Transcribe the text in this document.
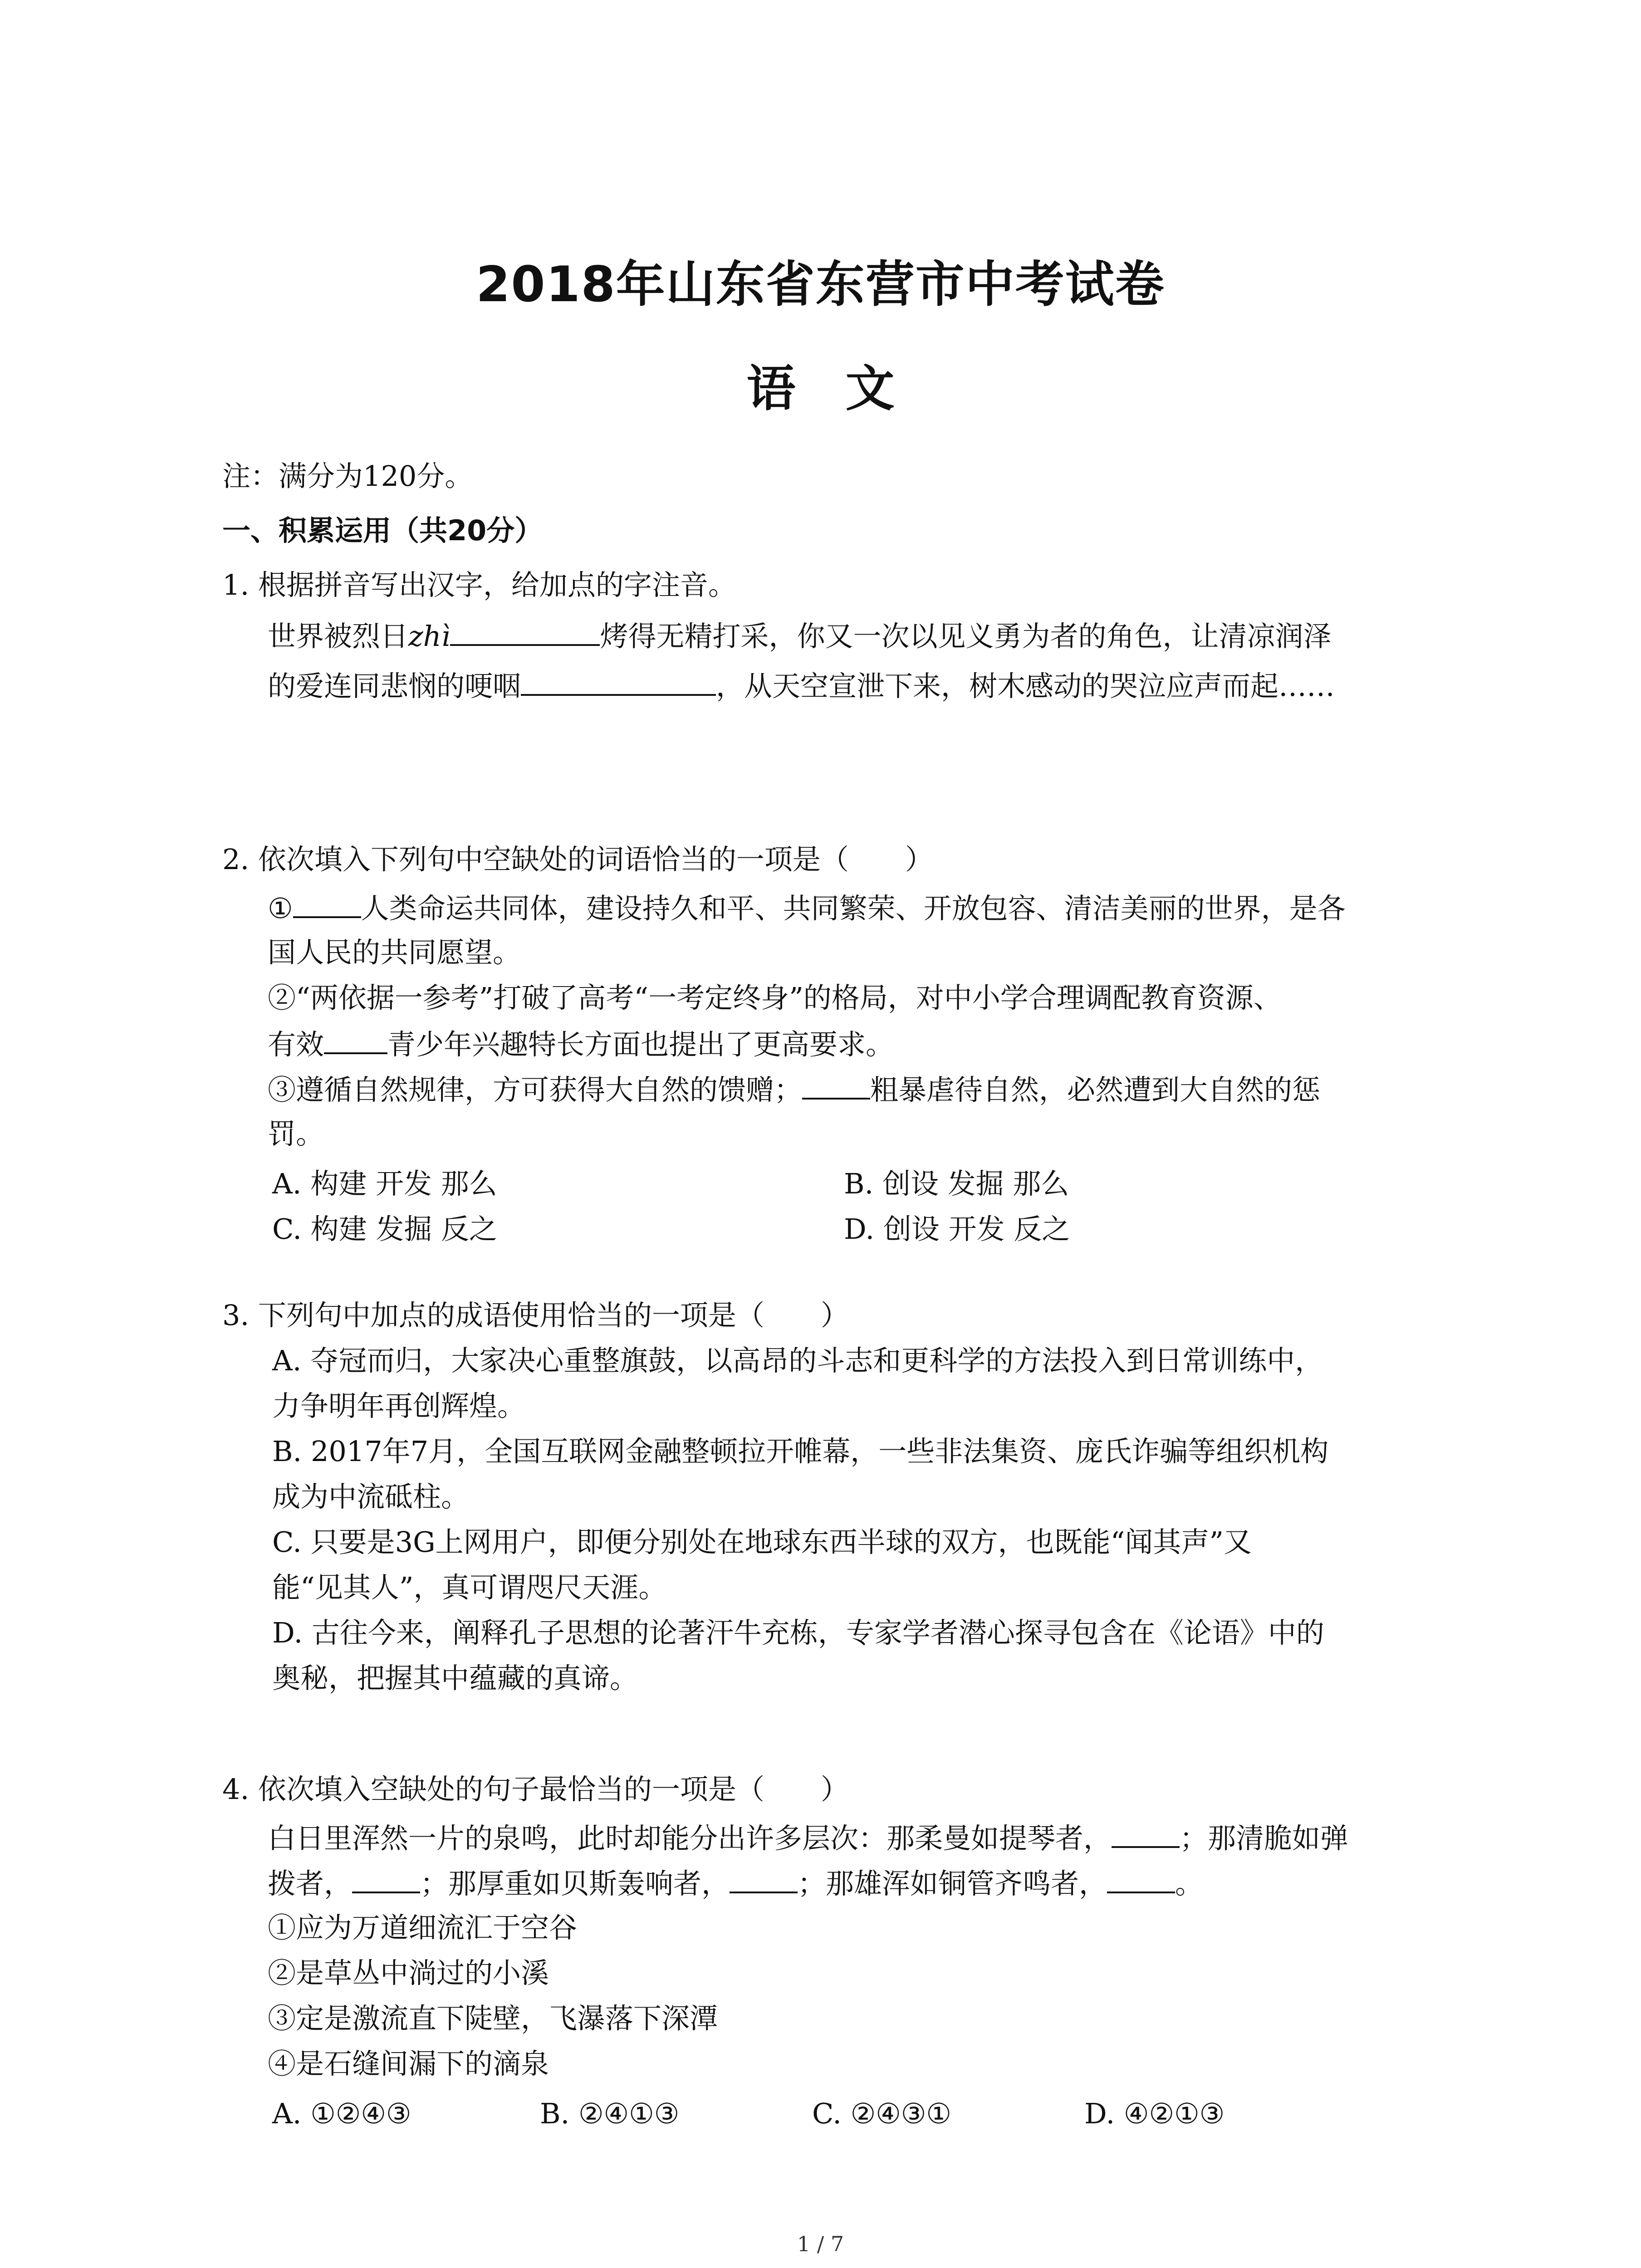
2018年山东省东营市中考试卷
语文
注：满分为120分。
一、积累运用（共20分）
1. 根据拼音写出汉字，给加点的字注音。
世界被烈日zhì	烤得无精打采，你又一次以见义勇为者的角色，让清凉润泽
的爱连同悲悯的哽咽	，从天空宣泄下来，树木感动的哭泣应声而起……
2. 依次填入下列句中空缺处的词语恰当的一项是（　　）
① 人类命运共同体，建设持久和平、共同繁荣、开放包容、清洁美丽的世界，是各
国人民的共同愿望。
②“两依据一参考”打破了高考“一考定终身”的格局，对中小学合理调配教育资源、
有效 青少年兴趣特长方面也提出了更高要求。
③遵循自然规律，方可获得大自然的馈赠； 粗暴虐待自然，必然遭到大自然的惩
罚。
A. 构建 开发 那么	B. 创设 发掘 那么
C. 构建 发掘 反之	D. 创设 开发 反之
3. 下列句中加点的成语使用恰当的一项是（　　）
A. 夺冠而归，大家决心重整旗鼓，以高昂的斗志和更科学的方法投入到日常训练中，
力争明年再创辉煌。
B. 2017年7月，全国互联网金融整顿拉开帷幕，一些非法集资、庞氏诈骗等组织机构
成为中流砥柱。
C. 只要是3G上网用户，即便分别处在地球东西半球的双方，也既能“闻其声”又
能“见其人”，真可谓咫尺天涯。
D. 古往今来，阐释孔子思想的论著汗牛充栋，专家学者潜心探寻包含在《论语》中的
奥秘，把握其中蕴藏的真谛。
4. 依次填入空缺处的句子最恰当的一项是（　　）
白日里浑然一片的泉鸣，此时却能分出许多层次：那柔曼如提琴者， ；那清脆如弹
拨者， ；那厚重如贝斯轰响者， ；那雄浑如铜管齐鸣者， 。
①应为万道细流汇于空谷
②是草丛中淌过的小溪
③定是激流直下陡壁，飞瀑落下深潭
④是石缝间漏下的滴泉
A. ①②④③	B. ②④①③	C. ②④③①	D. ④②①③
1 / 7
